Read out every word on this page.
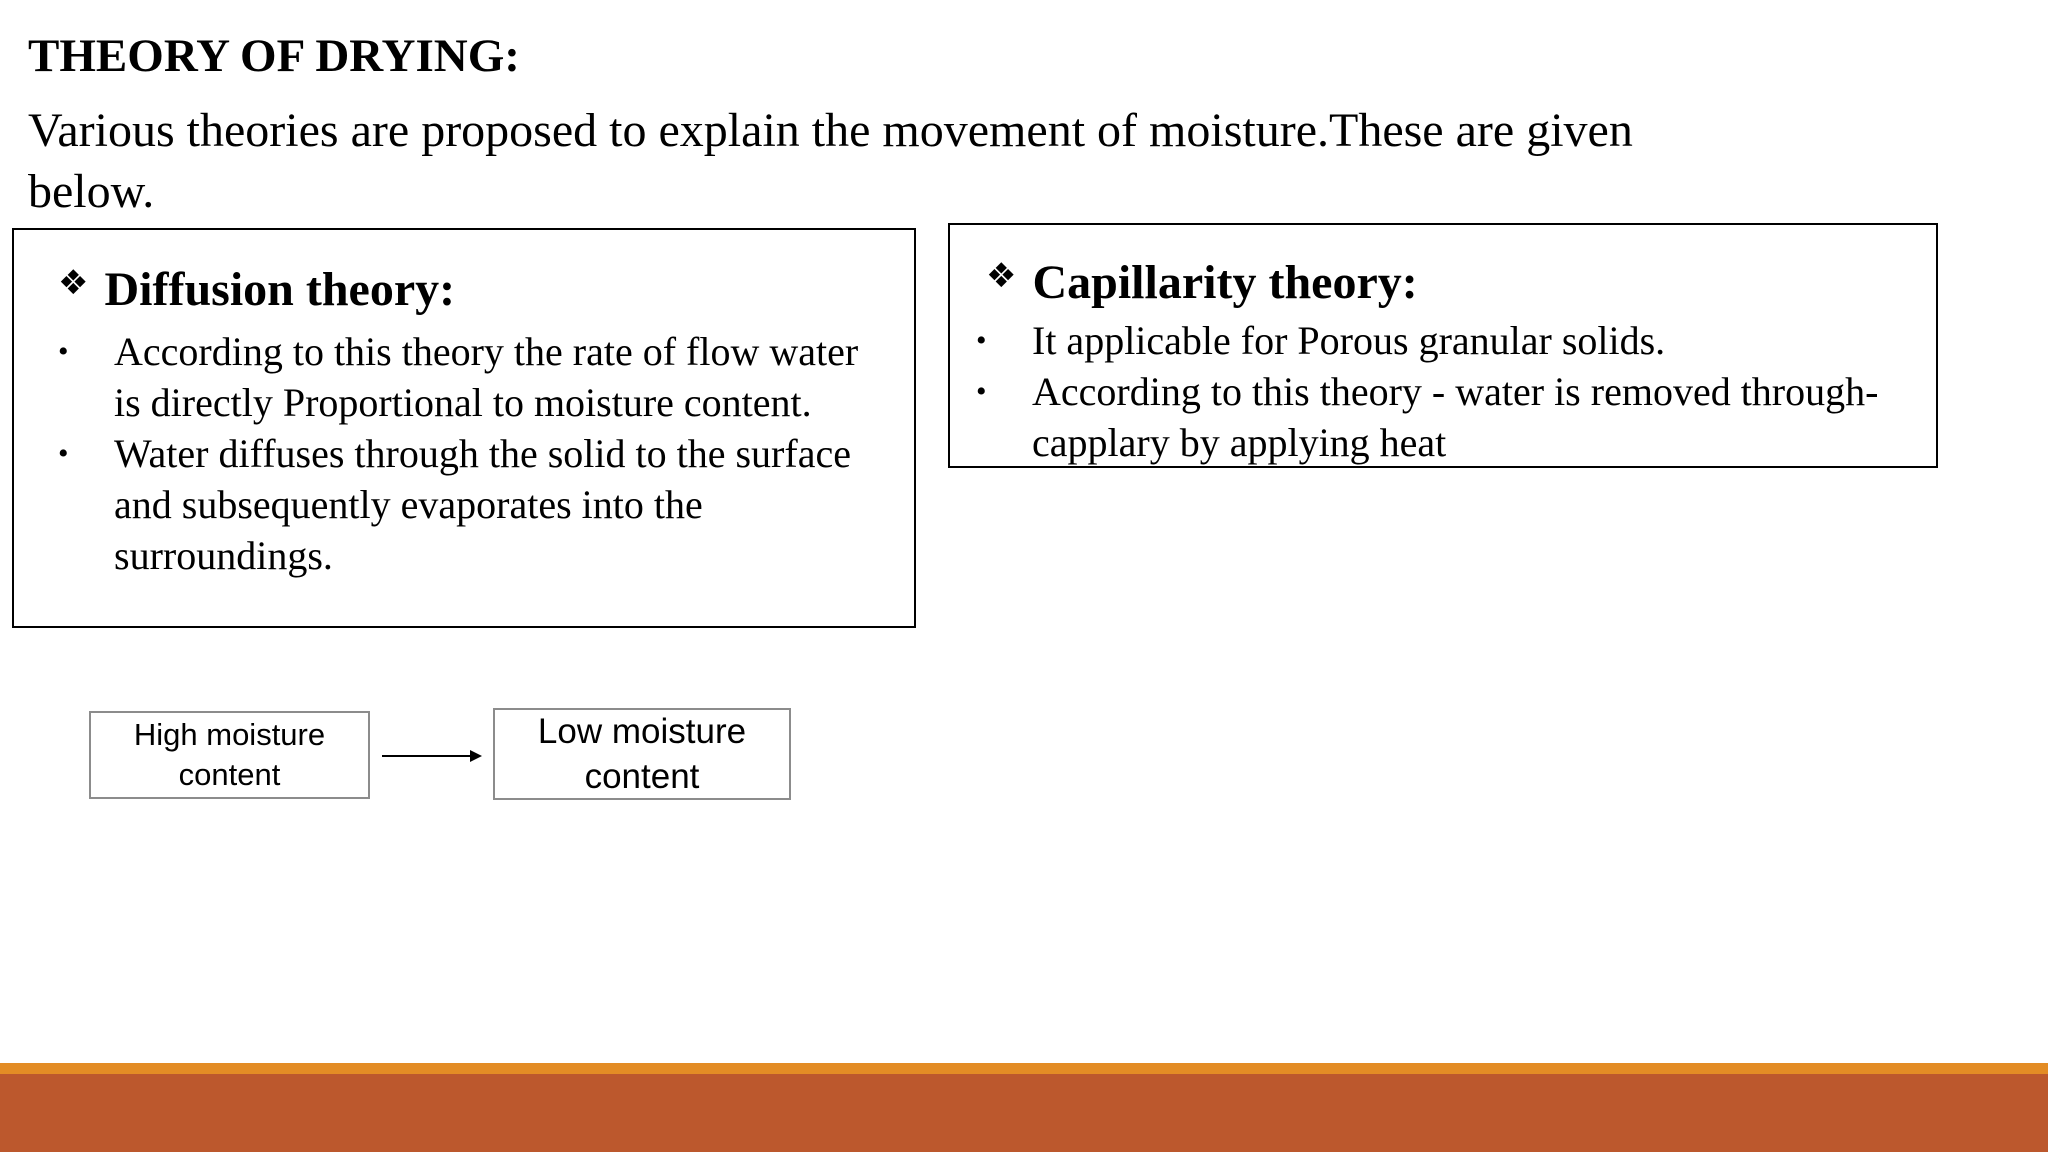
THEORY OF DRYING:
Various theories are proposed to explain the movement of moisture.These are given below.
❖ Diffusion theory:
• According to this theory the rate of flow water is directly Proportional to moisture content.
• Water diffuses through the solid to the surface and subsequently evaporates into the surroundings.
❖ Capillarity theory:
• It applicable for Porous granular solids.
• According to this theory - water is removed through-capplary by applying heat
High moisture content
Low moisture content
